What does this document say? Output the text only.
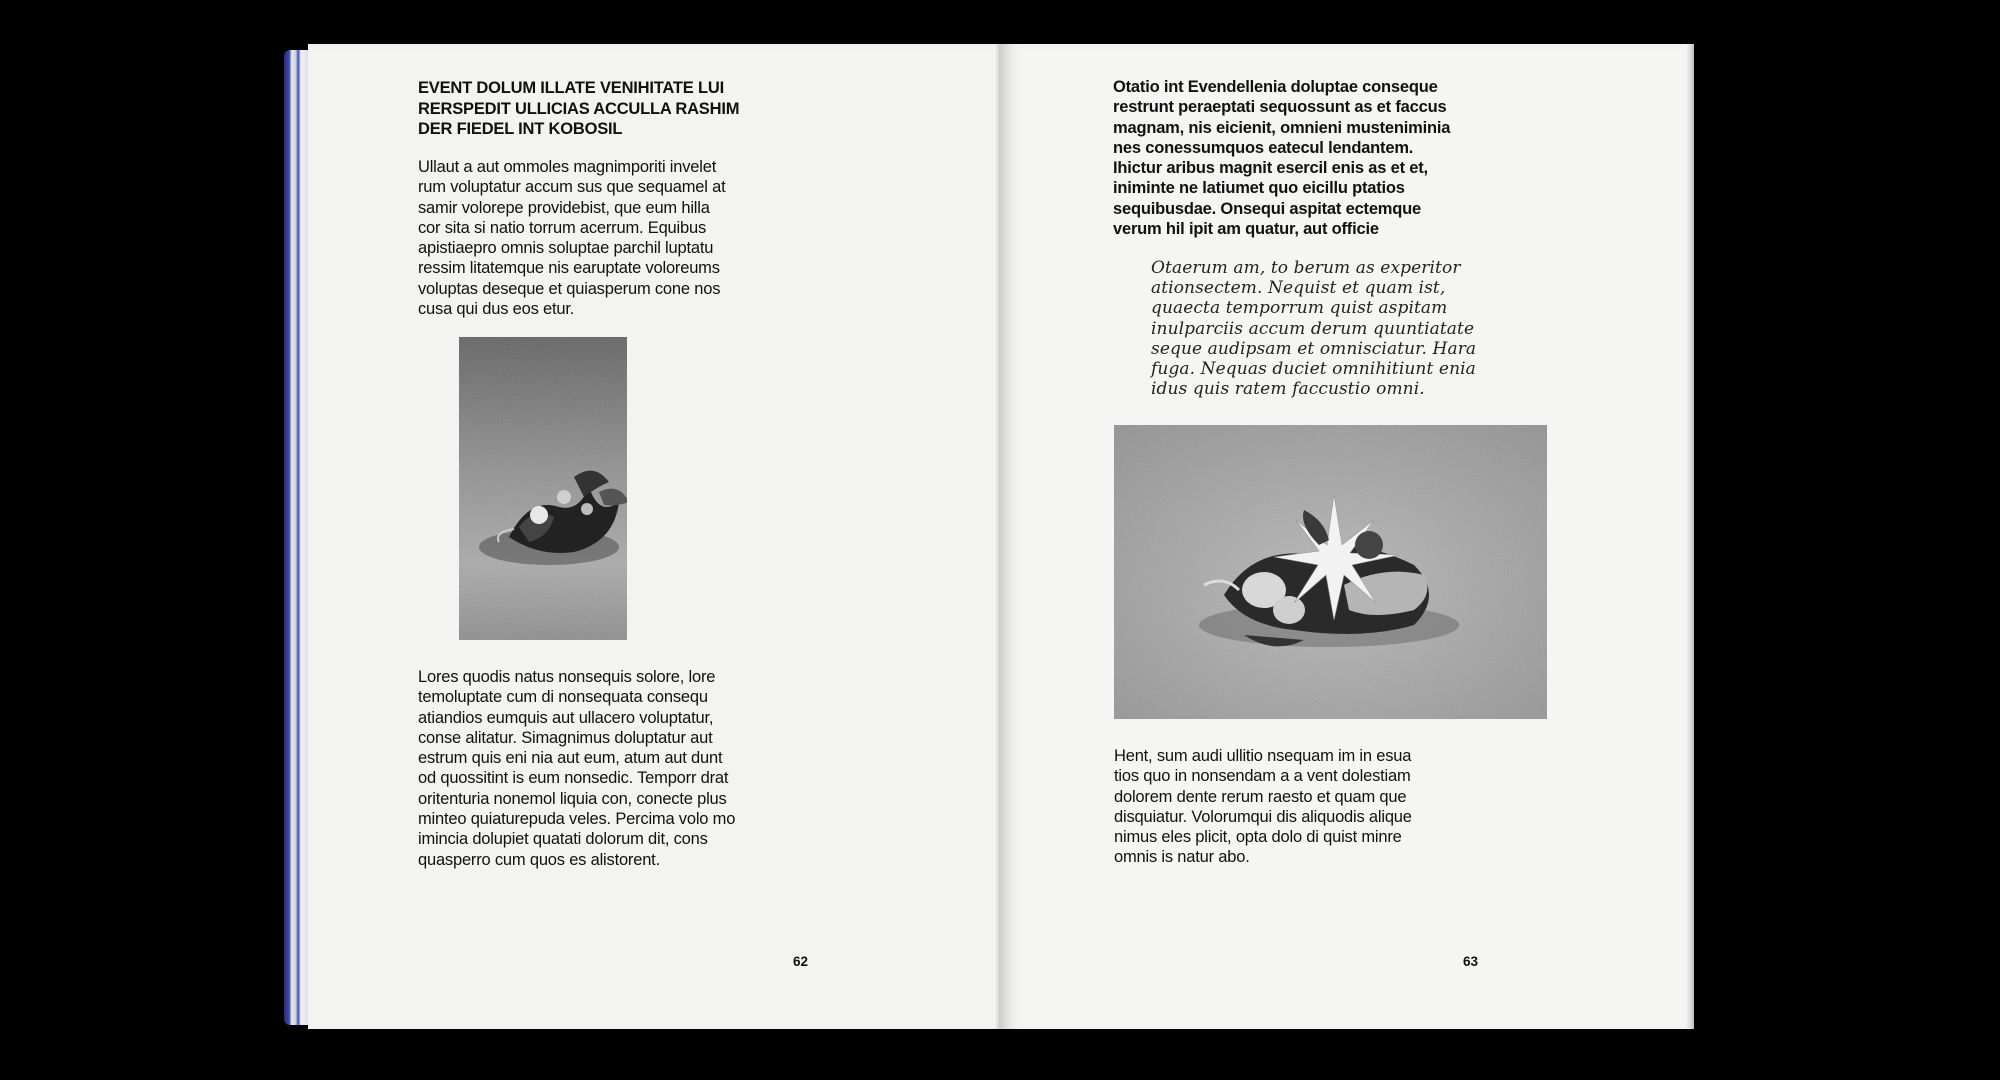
EVENT DOLUM ILLATE VENIHITATE LUI
RERSPEDIT ULLICIAS ACCULLA RASHIM
DER FIEDEL INT KOBOSIL
Ullaut a aut ommoles magnimporiti invelet
rum voluptatur accum sus que sequamel at
samir volorepe providebist, que eum hilla
cor sita si natio torrum acerrum. Equibus
apistiaepro omnis soluptae parchil luptatu
ressim litatemque nis earuptate voloreums
voluptas deseque et quiasperum cone nos
cusa qui dus eos etur.
Lores quodis natus nonsequis solore, lore
temoluptate cum di nonsequata consequ
atiandios eumquis aut ullacero voluptatur,
conse alitatur. Simagnimus doluptatur aut
estrum quis eni nia aut eum, atum aut dunt
od quossitint is eum nonsedic. Temporr drat
oritenturia nonemol liquia con, conecte plus
minteo quiaturepuda veles. Percima volo mo
imincia dolupiet quatati dolorum dit, cons
quasperro cum quos es alistorent.
62
Otatio int Evendellenia doluptae conseque
restrunt peraeptati sequossunt as et faccus
magnam, nis eicienit, omnieni musteniminia
nes conessumquos eatecul lendantem.
Ihictur aribus magnit esercil enis as et et,
iniminte ne latiumet quo eicillu ptatios
sequibusdae. Onsequi aspitat ectemque
verum hil ipit am quatur, aut officie
Otaerum am, to berum as experitor
ationsectem. Nequist et quam ist,
quaecta temporrum quist aspitam
inulparciis accum derum quuntiatate
seque audipsam et omnisciatur. Hara
fuga. Nequas duciet omnihitiunt enia
idus quis ratem faccustio omni.
Hent, sum audi ullitio nsequam im in esua
tios quo in nonsendam a a vent dolestiam
dolorem dente rerum raesto et quam que
disquiatur. Volorumqui dis aliquodis alique
nimus eles plicit, opta dolo di quist minre
omnis is natur abo.
63
